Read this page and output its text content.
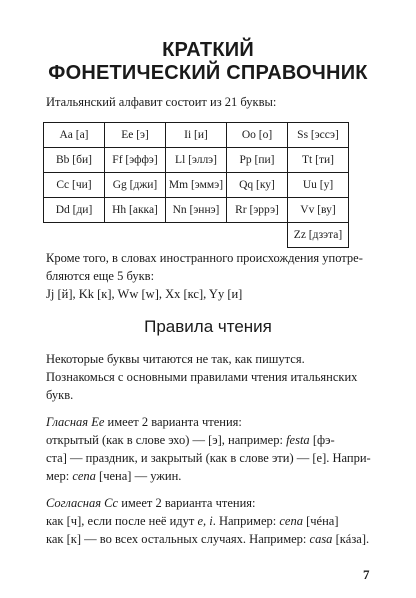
КРАТКИЙ
ФОНЕТИЧЕСКИЙ СПРАВОЧНИК
Итальянский алфавит состоит из 21 буквы:
Aa [а]	Ee [э]	Ii [и]	Oo [о]	Ss [эссэ]
Bb [би]	Ff [эффэ]	Ll [эллэ]	Pp [пи]	Tt [ти]
Cc [чи]	Gg [джи]	Mm [эммэ]	Qq [ку]	Uu [у]
Dd [ди]	Hh [акка]	Nn [эннэ]	Rr [эррэ]	Vv [ву]
				Zz [дзэта]
Кроме того, в словах иностранного происхождения употре-
бляются еще 5 букв:
Jj [й], Kk [к], Ww [w], Xx [кс], Yy [и]
Правила чтения
Некоторые буквы читаются не так, как пишутся.
Познакомься с основными правилами чтения итальянских
букв.
Гласная Ee имеет 2 варианта чтения:
открытый (как в слове эхо) — [э], например: festa [фэ-
ста] — праздник, и закрытый (как в слове эти) — [е]. Напри-
мер: cena [чена] — ужин.
Согласная Cc имеет 2 варианта чтения:
как [ч], если после неё идут e, i. Например: cena [чéна]
как [к] — во всех остальных случаях. Например: casa [кáза].
7
